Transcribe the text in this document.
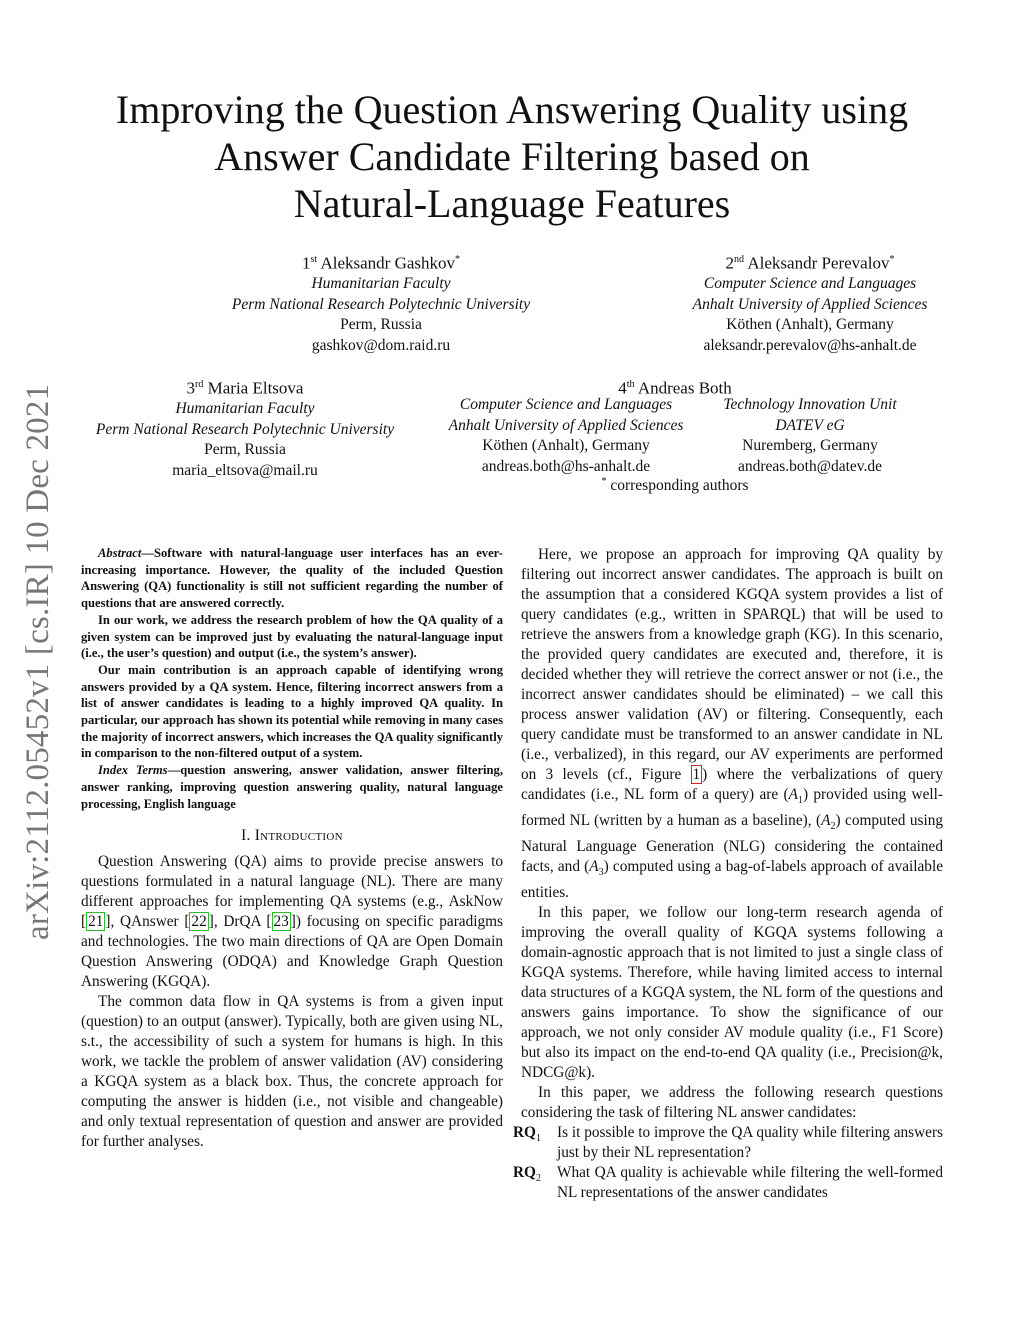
arXiv:2112.05452v1 [cs.IR] 10 Dec 2021
Improving the Question Answering Quality using
Answer Candidate Filtering based on
Natural-Language Features
1st Aleksandr Gashkov*
Humanitarian Faculty
Perm National Research Polytechnic University
Perm, Russia
gashkov@dom.raid.ru
2nd Aleksandr Perevalov*
Computer Science and Languages
Anhalt University of Applied Sciences
Köthen (Anhalt), Germany
aleksandr.perevalov@hs-anhalt.de
3rd Maria Eltsova
Humanitarian Faculty
Perm National Research Polytechnic University
Perm, Russia
maria_eltsova@mail.ru
4th Andreas Both
Computer Science and Languages
Anhalt University of Applied Sciences
Köthen (Anhalt), Germany
andreas.both@hs-anhalt.de
Technology Innovation Unit
DATEV eG
Nuremberg, Germany
andreas.both@datev.de
* corresponding authors

Abstract—Software with natural-language user interfaces has an ever-increasing importance. However, the quality of the included Question Answering (QA) functionality is still not sufficient regarding the number of questions that are answered correctly.

In our work, we address the research problem of how the QA quality of a given system can be improved just by evaluating the natural-language input (i.e., the user’s question) and output (i.e., the system’s answer).

Our main contribution is an approach capable of identifying wrong answers provided by a QA system. Hence, filtering incorrect answers from a list of answer candidates is leading to a highly improved QA quality. In particular, our approach has shown its potential while removing in many cases the majority of incorrect answers, which increases the QA quality significantly in comparison to the non-filtered output of a system.

Index Terms—question answering, answer validation, answer filtering, answer ranking, improving question answering quality, natural language processing, English language

I. Introduction

Question Answering (QA) aims to provide precise answers to questions formulated in a natural language (NL). There are many different approaches for implementing QA systems (e.g., AskNow [ 21 ], QAnswer [ 22 ], DrQA [ 23 ]) focusing on specific paradigms and technologies. The two main directions of QA are Open Domain Question Answering (ODQA) and Knowledge Graph Question Answering (KGQA).

The common data flow in QA systems is from a given input (question) to an output (answer). Typically, both are given using NL, s.t., the accessibility of such a system for humans is high. In this work, we tackle the problem of answer validation (AV) considering a KGQA system as a black box. Thus, the concrete approach for computing the answer is hidden (i.e., not visible and changeable) and only textual representation of question and answer are provided for further analyses.

Here, we propose an approach for improving QA quality by filtering out incorrect answer candidates. The approach is built on the assumption that a considered KGQA system provides a list of query candidates (e.g., written in SPARQL) that will be used to retrieve the answers from a knowledge graph (KG). In this scenario, the provided query candidates are executed and, therefore, it is decided whether they will retrieve the correct answer or not (i.e., the incorrect answer candidates should be eliminated) – we call this process answer validation (AV) or filtering. Consequently, each query candidate must be transformed to an answer candidate in NL (i.e., verbalized), in this regard, our AV experiments are performed on 3 levels (cf., Figure 1 ) where the verbalizations of query candidates (i.e., NL form of a query) are $(A_1)$ provided using well-formed NL (written by a human as a baseline), $(A_2)$ computed using Natural Language Generation (NLG) considering the contained facts, and $(A_3)$ computed using a bag-of-labels approach of available entities.

In this paper, we follow our long-term research agenda of improving the overall quality of KGQA systems following a domain-agnostic approach that is not limited to just a single class of KGQA systems. Therefore, while having limited access to internal data structures of a KGQA system, the NL form of the questions and answers gains importance. To show the significance of our approach, we not only consider AV module quality (i.e., F1 Score) but also its impact on the end-to-end QA quality (i.e., Precision@k, NDCG@k).

In this paper, we address the following research questions considering the task of filtering NL answer candidates:

$RQ_1$	Is it possible to improve the QA quality while filtering answers just by their NL representation?
$RQ_2$	What QA quality is achievable while filtering the well-formed NL representations of the answer candidates
